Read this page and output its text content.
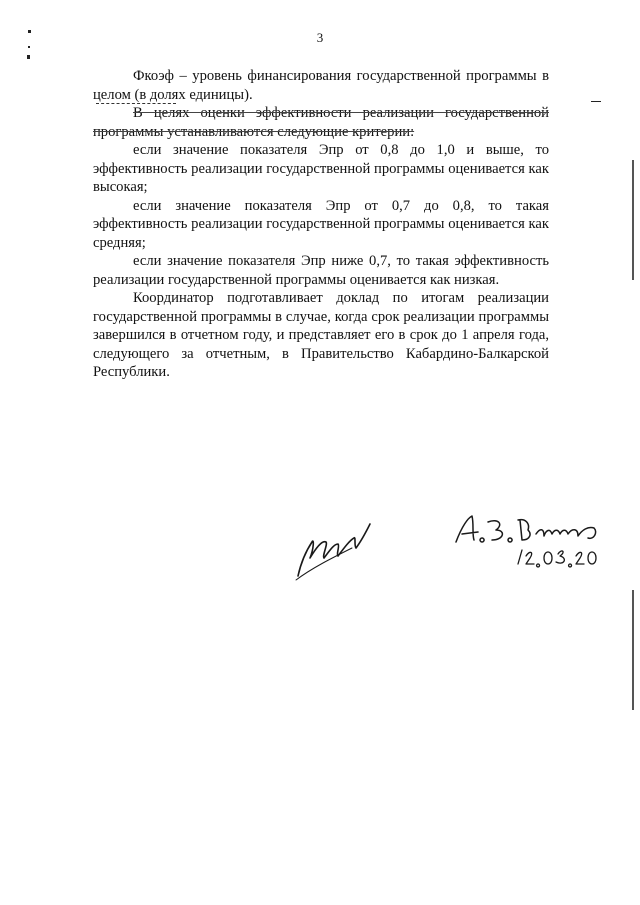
3

Фкоэф – уровень финансирования государственной программы в целом (в долях единицы).

В целях оценки эффективности реализации государственной программы устанавливаются следующие критерии:

если значение показателя Эпр от 0,8 до 1,0 и выше, то эффективность реализации государственной программы оценивается как высокая;

если значение показателя Эпр от 0,7 до 0,8, то такая эффективность реализации государственной программы оценивается как средняя;

если значение показателя Эпр ниже 0,7, то такая эффективность реализации государственной программы оценивается как низкая.

Координатор подготавливает доклад по итогам реализации государственной программы в случае, когда срок реализации программы завершился в отчетном году, и представляет его в срок до 1 апреля года, следующего за отчетным, в Правительство Кабардино-Балкарской Республики.
